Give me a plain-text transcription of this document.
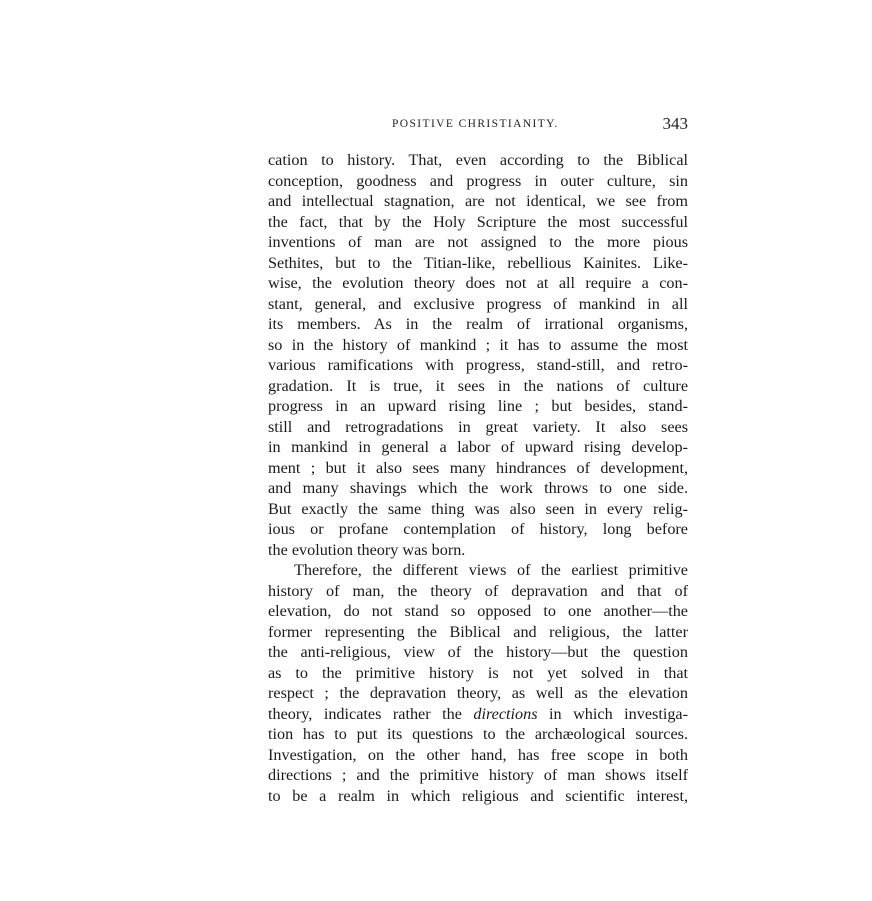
POSITIVE CHRISTIANITY.	343
cation to history. That, even according to the Biblical
conception, goodness and progress in outer culture, sin
and intellectual stagnation, are not identical, we see from
the fact, that by the Holy Scripture the most successful
inventions of man are not assigned to the more pious
Sethites, but to the Titian-like, rebellious Kainites. Like-
wise, the evolution theory does not at all require a con-
stant, general, and exclusive progress of mankind in all
its members. As in the realm of irrational organisms,
so in the history of mankind ; it has to assume the most
various ramifications with progress, stand-still, and retro-
gradation. It is true, it sees in the nations of culture
progress in an upward rising line ; but besides, stand-
still and retrogradations in great variety. It also sees
in mankind in general a labor of upward rising develop-
ment ; but it also sees many hindrances of development,
and many shavings which the work throws to one side.
But exactly the same thing was also seen in every relig-
ious or profane contemplation of history, long before
the evolution theory was born.
Therefore, the different views of the earliest primitive
history of man, the theory of depravation and that of
elevation, do not stand so opposed to one another—the
former representing the Biblical and religious, the latter
the anti-religious, view of the history—but the question
as to the primitive history is not yet solved in that
respect ; the depravation theory, as well as the elevation
theory, indicates rather the directions in which investiga-
tion has to put its questions to the archæological sources.
Investigation, on the other hand, has free scope in both
directions ; and the primitive history of man shows itself
to be a realm in which religious and scientific interest,
